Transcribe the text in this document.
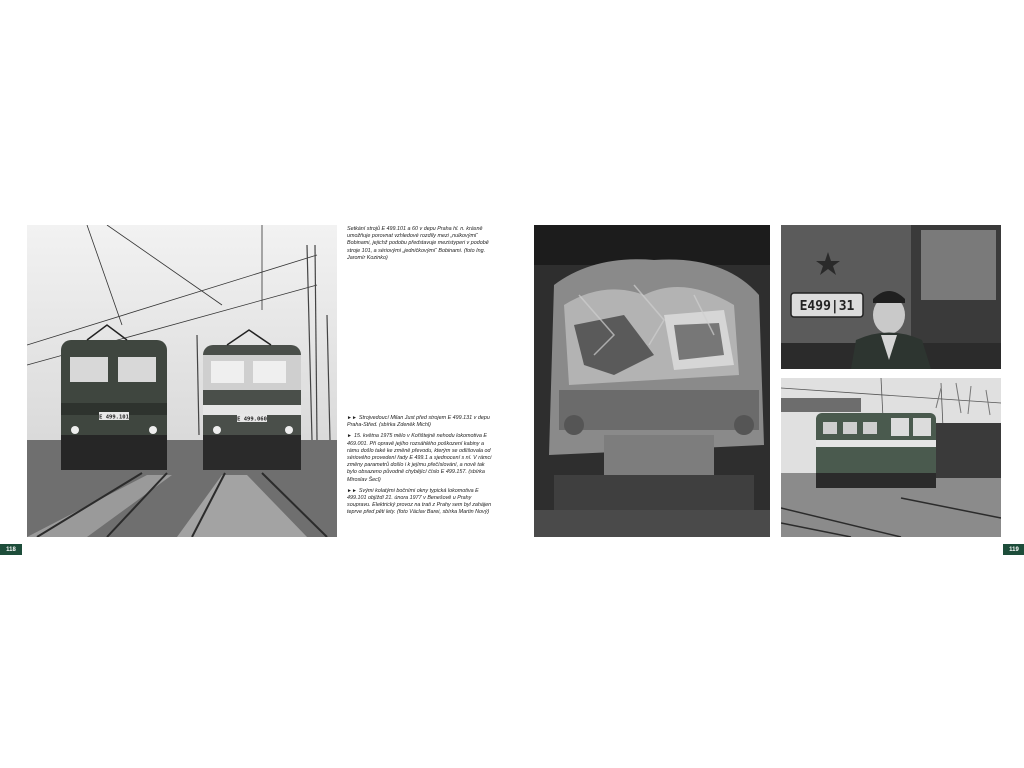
E 499.101	E 499.060

Setkání strojů E 499.101 a 60 v depu Praha hl. n. krásně umožňuje porovnat vzhledové rozdíly mezi „nulkovými“ Bobinami, jejichž podobu představuje mezistyperi v podobě stroje 101, a sériovými „jedničkovými“ Bobinami. (foto Ing. Jaromír Kozinko)

►► Strojvedoucí Milan Just před strojem E 499.131 v depu Praha-Střed. (sbírka Zdeněk Michl)

► 15. května 1975 mělo v Kořištejně nehodu lokomotiva E 469.001. Při opravě jejího rozsáhlého poškození kabiny a rámu došlo také ke změně převodu, kterým se odlišovala od sériového provedení řady E 499.1 a sjednocení s ní. V rámci změny parametrů došlo i k jejímu přečíslování, a nově tak bylo obsazeno původně chybějící číslo E 499.157. (sbírka Miroslav Šecl)

►► Svými kolatými bočními okny typická lokomotiva E 499.101 objíždí 21. února 1977 v Benešově u Prahy soupravu. Elektrický provoz na trati z Prahy sem byl zahájen teprve před pěti lety. (foto Václav Barei, sbírka Martin Nový)

118
E499|31
119
